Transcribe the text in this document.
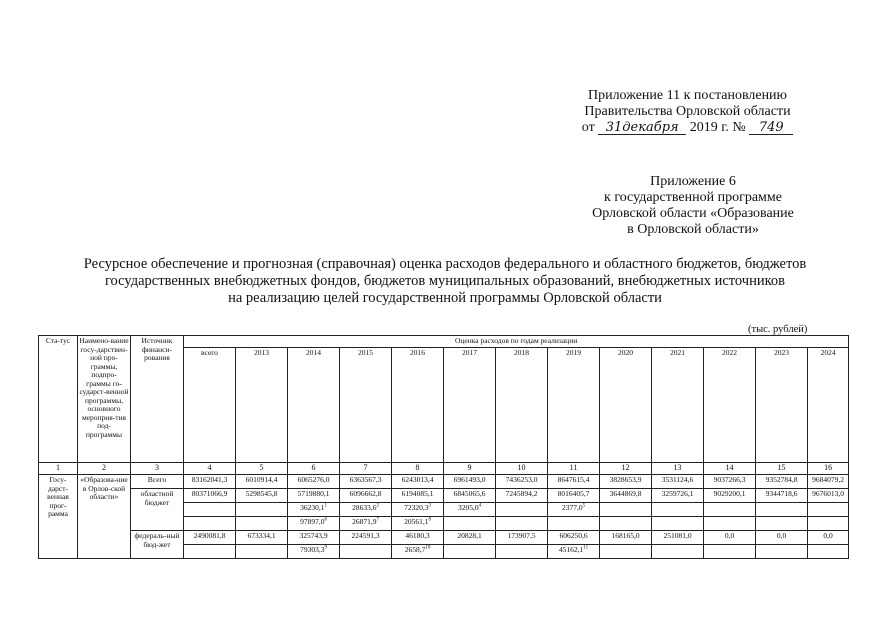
Приложение 11 к постановлению
Правительства Орловской области
от 31декабря 2019 г. № 749
Приложение 6
к государственной программе
Орловской области «Образование
в Орловской области»
Ресурсное обеспечение и прогнозная (справочная) оценка расходов федерального и областного бюджетов, бюджетов
государственных внебюджетных фондов, бюджетов муниципальных образований, внебюджетных источников
на реализацию целей государственной программы Орловской области
(тыс. рублей)
Ста-тус	Наимено-вание госу-дарствен-ной про-граммы, подпро-граммы го-сударст-венной программы, основного мероприя-тия под-программы	Источник финанси-рования	Оценка расходов по годам реализации												
			всего	2013	2014	2015	2016	2017	2018	2019	2020	2021	2022	2023	2024
1	2	3	4	5	6	7	8	9	10	11	12	13	14	15	16
Госу-дарст-венная прог-рамма	«Образова-ние в Орлов-ской области»	Всего	83162041,3	6010914,4	6065276,0	6363567,3	6243013,4	6961493,0	7436253,0	8647615,4	3828653,9	3531124,6	9037266,3	9352784,8	9684079,2
		областной бюджет	80371066,9	5298545,8	5719880,1	6096662,8	6194085,1	6845065,6	7245894,2	8016405,7	3644869,8	3259726,1	9029200,1	9344718,6	9676013,0
					36230,1$^1$	28633,6$^2$	72320,3$^3$	3205,0$^4$		2377,0$^5$					
					97897,0$^6$	26871,9$^7$	20561,1$^8$								
		федераль-ный бюд-жет	2490081,8	673334,1	325743,9	224591,3	46180,3	20828,1	173907,5	606250,6	168165,0	251081,0	0,0	0,0	0,0
					79303,3$^9$		2658,7$^{10}$			45162,1$^{11}$					
